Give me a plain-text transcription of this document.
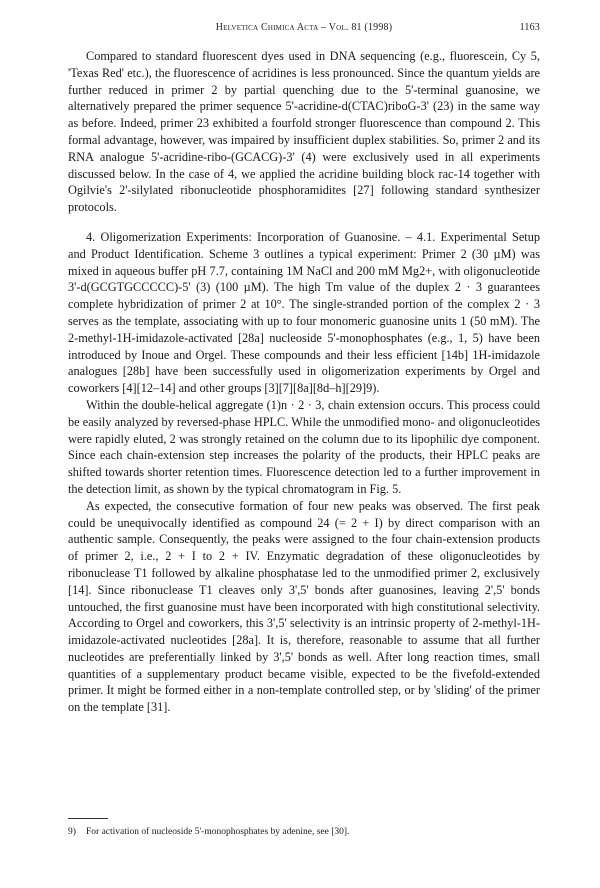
Helvetica Chimica Acta – Vol. 81 (1998)	1163

Compared to standard fluorescent dyes used in DNA sequencing (e.g., fluorescein, Cy 5, 'Texas Red' etc.), the fluorescence of acridines is less pronounced. Since the quantum yields are further reduced in primer 2 by partial quenching due to the 5'-terminal guanosine, we alternatively prepared the primer sequence 5'-acridine-d(CTAC)riboG-3' (23) in the same way as before. Indeed, primer 23 exhibited a fourfold stronger fluorescence than compound 2. This formal advantage, however, was impaired by insufficient duplex stabilities. So, primer 2 and its RNA analogue 5'-acridine-ribo-(GCACG)-3' (4) were exclusively used in all experiments discussed below. In the case of 4, we applied the acridine building block rac-14 together with Ogilvie's 2'-silylated ribonucleotide phosphoramidites [27] following standard synthesizer protocols.

4. Oligomerization Experiments: Incorporation of Guanosine. – 4.1. Experimental Setup and Product Identification. Scheme 3 outlines a typical experiment: Primer 2 (30 µM) was mixed in aqueous buffer pH 7.7, containing 1M NaCl and 200 mM Mg2+, with oligonucleotide 3'-d(GCGTGCCCCC)-5' (3) (100 µM). The high Tm value of the duplex 2 · 3 guarantees complete hybridization of primer 2 at 10°. The single-stranded portion of the complex 2 · 3 serves as the template, associating with up to four monomeric guanosine units 1 (50 mM). The 2-methyl-1H-imidazole-activated [28a] nucleoside 5'-monophosphates (e.g., 1, 5) have been introduced by Inoue and Orgel. These compounds and their less efficient [14b] 1H-imidazole analogues [28b] have been successfully used in oligomerization experiments by Orgel and coworkers [4][12–14] and other groups [3][7][8a][8d–h][29]9).

Within the double-helical aggregate (1)n · 2 · 3, chain extension occurs. This process could be easily analyzed by reversed-phase HPLC. While the unmodified mono- and oligonucleotides were rapidly eluted, 2 was strongly retained on the column due to its lipophilic dye component. Since each chain-extension step increases the polarity of the products, their HPLC peaks are shifted towards shorter retention times. Fluorescence detection led to a further improvement in the detection limit, as shown by the typical chromatogram in Fig. 5.

As expected, the consecutive formation of four new peaks was observed. The first peak could be unequivocally identified as compound 24 (= 2 + I) by direct comparison with an authentic sample. Consequently, the peaks were assigned to the four chain-extension products of primer 2, i.e., 2 + I to 2 + IV. Enzymatic degradation of these oligonucleotides by ribonuclease T1 followed by alkaline phosphatase led to the unmodified primer 2, exclusively [14]. Since ribonuclease T1 cleaves only 3',5' bonds after guanosines, leaving 2',5' bonds untouched, the first guanosine must have been incorporated with high constitutional selectivity. According to Orgel and coworkers, this 3',5' selectivity is an intrinsic property of 2-methyl-1H-imidazole-activated nucleotides [28a]. It is, therefore, reasonable to assume that all further nucleotides are preferentially linked by 3',5' bonds as well. After long reaction times, small quantities of a supplementary product became visible, expected to be the fivefold-extended primer. It might be formed either in a non-template controlled step, or by 'sliding' of the primer on the template [31].

9) For activation of nucleoside 5'-monophosphates by adenine, see [30].
